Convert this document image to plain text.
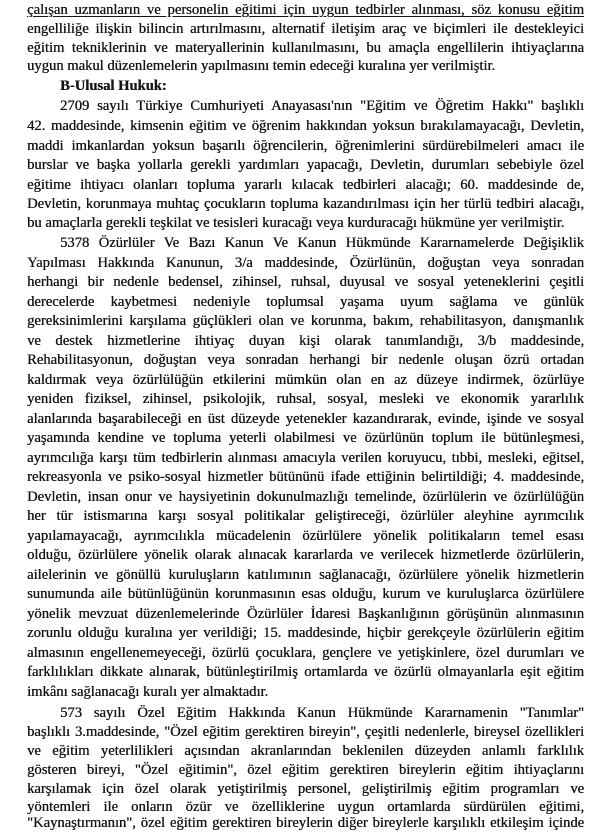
çalışan uzmanların ve personelin eğitimi için uygun tedbirler alınması, söz konusu eğitim
engelliliğe ilişkin bilincin artırılmasını, alternatif iletişim araç ve biçimleri ile destekleyici
eğitim tekniklerinin ve materyallerinin kullanılmasını, bu amaçla engellilerin ihtiyaçlarına
uygun makul düzenlemelerin yapılmasını temin edeceği kuralına yer verilmiştir.
B-Ulusal Hukuk:
2709 sayılı Türkiye Cumhuriyeti Anayasası'nın "Eğitim ve Öğretim Hakkı" başlıklı
42. maddesinde, kimsenin eğitim ve öğrenim hakkından yoksun bırakılamayacağı, Devletin,
maddi imkanlardan yoksun başarılı öğrencilerin, öğrenimlerini sürdürebilmeleri amacı ile
burslar ve başka yollarla gerekli yardımları yapacağı, Devletin, durumları sebebiyle özel
eğitime ihtiyacı olanları topluma yararlı kılacak tedbirleri alacağı; 60. maddesinde de,
Devletin, korunmaya muhtaç çocukların topluma kazandırılması için her türlü tedbiri alacağı,
bu amaçlarla gerekli teşkilat ve tesisleri kuracağı veya kurduracağı hükmüne yer verilmiştir.
5378 Özürlüler Ve Bazı Kanun Ve Kanun Hükmünde Kararnamelerde Değişiklik
Yapılması Hakkında Kanunun, 3/a maddesinde, Özürlünün, doğuştan veya sonradan
herhangi bir nedenle bedensel, zihinsel, ruhsal, duyusal ve sosyal yeteneklerini çeşitli
derecelerde kaybetmesi nedeniyle toplumsal yaşama uyum sağlama ve günlük
gereksinimlerini karşılama güçlükleri olan ve korunma, bakım, rehabilitasyon, danışmanlık
ve destek hizmetlerine ihtiyaç duyan kişi olarak tanımlandığı, 3/b maddesinde,
Rehabilitasyonun, doğuştan veya sonradan herhangi bir nedenle oluşan özrü ortadan
kaldırmak veya özürlülüğün etkilerini mümkün olan en az düzeye indirmek, özürlüye
yeniden fiziksel, zihinsel, psikolojik, ruhsal, sosyal, mesleki ve ekonomik yararlılık
alanlarında başarabileceği en üst düzeyde yetenekler kazandırarak, evinde, işinde ve sosyal
yaşamında kendine ve topluma yeterli olabilmesi ve özürlünün toplum ile bütünleşmesi,
ayrımcılığa karşı tüm tedbirlerin alınması amacıyla verilen koruyucu, tıbbi, mesleki, eğitsel,
rekreasyonla ve psiko-sosyal hizmetler bütününü ifade ettiğinin belirtildiği; 4. maddesinde,
Devletin, insan onur ve haysiyetinin dokunulmazlığı temelinde, özürlülerin ve özürlülüğün
her tür istismarına karşı sosyal politikalar geliştireceği, özürlüler aleyhine ayrımcılık
yapılamayacağı, ayrımcılıkla mücadelenin özürlülere yönelik politikaların temel esası
olduğu, özürlülere yönelik olarak alınacak kararlarda ve verilecek hizmetlerde özürlülerin,
ailelerinin ve gönüllü kuruluşların katılımının sağlanacağı, özürlülere yönelik hizmetlerin
sunumunda aile bütünlüğünün korunmasının esas olduğu, kurum ve kuruluşlarca özürlülere
yönelik mevzuat düzenlemelerinde Özürlüler İdaresi Başkanlığının görüşünün alınmasının
zorunlu olduğu kuralına yer verildiği; 15. maddesinde, hiçbir gerekçeyle özürlülerin eğitim
almasının engellenemeyeceği, özürlü çocuklara, gençlere ve yetişkinlere, özel durumları ve
farklılıkları dikkate alınarak, bütünleştirilmiş ortamlarda ve özürlü olmayanlarla eşit eğitim
imkânı sağlanacağı kuralı yer almaktadır.
573 sayılı Özel Eğitim Hakkında Kanun Hükmünde Kararnamenin "Tanımlar"
başlıklı 3.maddesinde, "Özel eğitim gerektiren bireyin", çeşitli nedenlerle, bireysel özellikleri
ve eğitim yeterlilikleri açısından akranlarından beklenilen düzeyden anlamlı farklılık
gösteren bireyi, "Özel eğitimin", özel eğitim gerektiren bireylerin eğitim ihtiyaçlarını
karşılamak için özel olarak yetiştirilmiş personel, geliştirilmiş eğitim programları ve
yöntemleri ile onların özür ve özelliklerine uygun ortamlarda sürdürülen eğitimi,
"Kaynaştırmanın", özel eğitim gerektiren bireylerin diğer bireylerle karşılıklı etkileşim içinde
